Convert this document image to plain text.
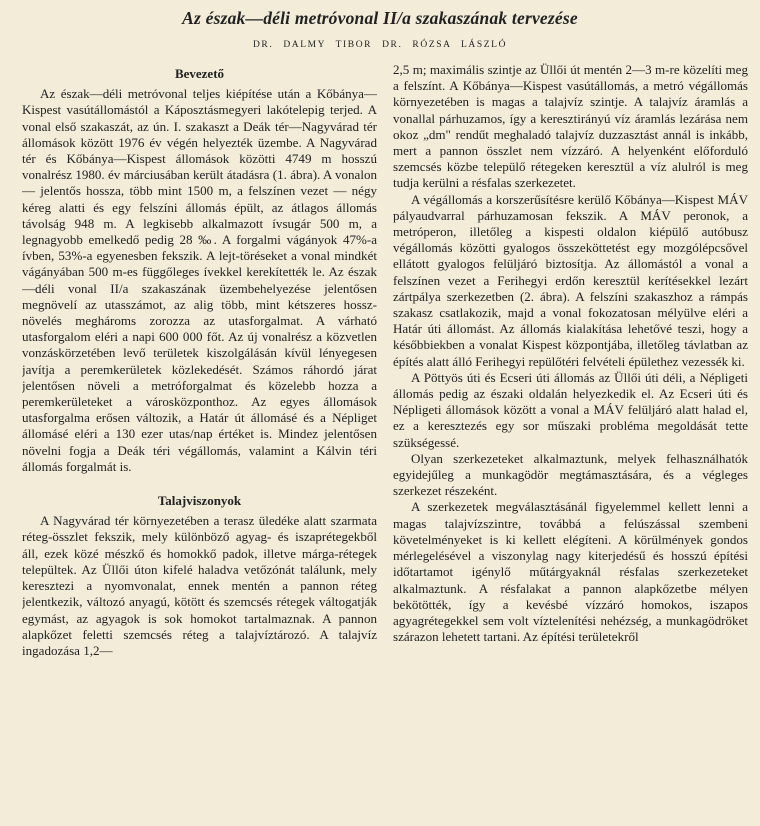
Az észak—déli metróvonal II/a szakaszának tervezése
DR. DALMY TIBOR DR. RÓZSA LÁSZLÓ
Bevezető

Az észak—déli metróvonal teljes kiépítése után a Kőbánya—Kispest vasútállomástól a Káposztásmegyeri lakótelepig terjed. A vonal első szakaszát, az ún. I. szakaszt a Deák tér—Nagyvárad tér állomások között 1976 év végén helyezték üzembe. A Nagyvárad tér és Kőbánya—Kispest állomások közötti 4749 m hosszú vonalrész 1980. év márciusában került átadásra (1. ábra). A vonalon — jelentős hossza, több mint 1500 m, a felszínen vezet — négy kéreg alatti és egy felszíni állomás épült, az átlagos állomás távolság 948 m. A legkisebb alkalmazott ívsugár 500 m, a legnagyobb emelkedő pedig 28 ‰. A forgalmi vágányok 47%-a ívben, 53%-a egyenesben fekszik. A lejt-töréseket a vonal mindkét vágányában 500 m-es függőleges ívekkel kerekítették le. Az észak—déli vonal II/a szakaszának üzembehelyezése jelentősen megnövelí az utasszámot, az alig több, mint kétszeres hossz-növelés meghároms zorozza az utasforgalmat. A várható utasforgalom eléri a napi 600 000 főt. Az új vonalrész a közvetlen vonzáskörzetében levő területek kiszolgálásán kívül lényegesen javítja a peremkerületek közlekedését. Számos ráhordó járat jelentősen növeli a metróforgalmat és közelebb hozza a peremkerületeket a városközponthoz. Az egyes állomások utasforgalma erősen változik, a Határ út állomásé és a Népliget állomásé eléri a 130 ezer utas/nap értéket is. Mindez jelentősen növelni fogja a Deák téri végállomás, valamint a Kálvin téri állomás forgalmát is.

Talajviszonyok

A Nagyvárad tér környezetében a terasz üledéke alatt szarmata réteg-összlet fekszik, mely különböző agyag- és iszaprétegekből áll, ezek közé mészkő és homokkő padok, illetve márga-rétegek települtek. Az Üllői úton kifelé haladva vetőzónát találunk, mely keresztezi a nyomvonalat, ennek mentén a pannon réteg jelentkezik, változó anyagú, kötött és szemcsés rétegek váltogatják egymást, az agyagok is sok homokot tartalmaznak. A pannon alapkőzet feletti szemcsés réteg a talajvíztározó. A talajvíz ingadozása 1,2—

2,5 m; maximális szintje az Üllői út mentén 2—3 m-re közelíti meg a felszínt. A Kőbánya—Kispest vasútállomás, a metró végállomás környezetében is magas a talajvíz szintje. A talajvíz áramlás a vonallal párhuzamos, így a keresztirányú víz áramlás lezárása nem okoz „dm" rendűt meghaladó talajvíz duzzasztást annál is inkább, mert a pannon összlet nem vízzáró. A helyenként előforduló szemcsés közbe települő rétegeken keresztül a víz alulról is meg tudja kerülni a résfalas szerkezetet.

A végállomás a korszerűsítésre kerülő Kőbánya—Kispest MÁV pályaudvarral párhuzamosan fekszik. A MÁV peronok, a metróperon, illetőleg a kispesti oldalon kiépülő autóbusz végállomás közötti gyalogos összeköttetést egy mozgólépcsővel ellátott gyalogos felüljáró biztosítja. Az állomástól a vonal a felszínen vezet a Ferihegyi erdőn keresztül kerítésekkel lezárt zártpálya szerkezetben (2. ábra). A felszíni szakaszhoz a rámpás szakasz csatlakozik, majd a vonal fokozatosan mélyülve eléri a Határ úti állomást. Az állomás kialakítása lehetővé teszi, hogy a későbbiekben a vonalat Kispest központjába, illetőleg távlatban az építés alatt álló Ferihegyi repülőtéri felvételi épülethez vezessék ki.

A Pöttyös úti és Ecseri úti állomás az Üllői úti déli, a Népligeti állomás pedig az északi oldalán helyezkedik el. Az Ecseri úti és Népligeti állomások között a vonal a MÁV felüljáró alatt halad el, ez a keresztezés egy sor műszaki probléma megoldását tette szükségessé.

Olyan szerkezeteket alkalmaztunk, melyek felhasználhatók egyidejűleg a munkagödör megtámasztására, és a végleges szerkezet részeként.

A szerkezetek megválasztásánál figyelemmel kellett lenni a magas talajvízszintre, továbbá a felúszással szembeni követelményeket is ki kellett elégíteni. A körülmények gondos mérlegelésével a viszonylag nagy kiterjedésű és hosszú építési időtartamot igénylő műtárgyaknál résfalas szerkezeteket alkalmaztunk. A résfalakat a pannon alapkőzetbe mélyen bekötötték, így a kevésbé vízzáró homokos, iszapos agyagrétegekkel sem volt víztelenítési nehézség, a munkagödröket szárazon lehetett tartani. Az építési területekről
